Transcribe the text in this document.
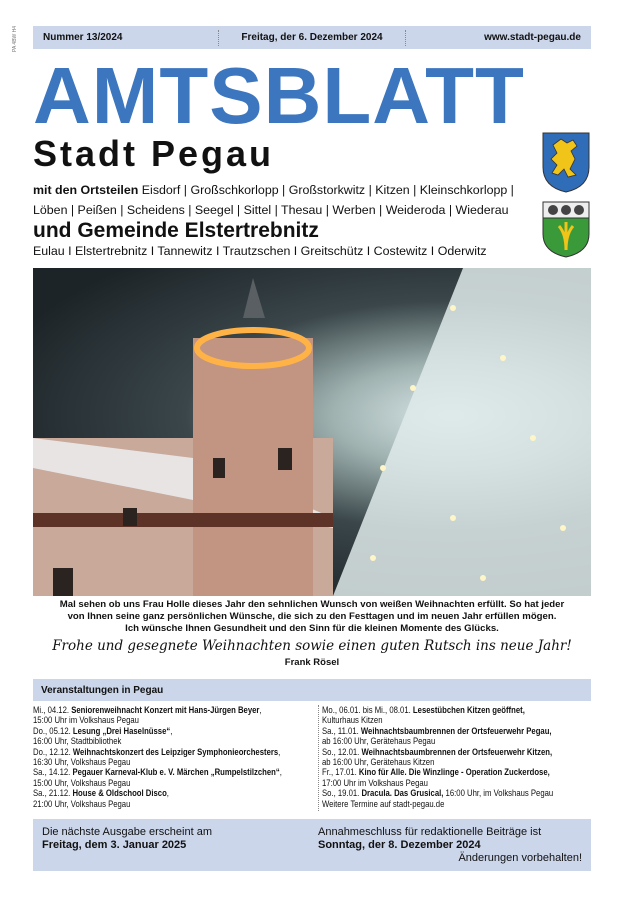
PA 4BW H4	Nummer 13/2024	Freitag, der 6. Dezember 2024	www.stadt-pegau.de
AMTSBLATT
Stadt Pegau
mit den Ortsteilen Eisdorf | Großschkorlopp | Großstorkwitz | Kitzen | Kleinschkorlopp |
Löben | Peißen | Scheidens | Seegel | Sittel | Thesau | Werben | Weideroda | Wiederau
und Gemeinde Elstertrebnitz
Eulau I Elstertrebnitz I Tannewitz I Trautzschen I Greitschütz I Costewitz I Oderwitz
Mal sehen ob uns Frau Holle dieses Jahr den sehnlichen Wunsch von weißen Weihnachten erfüllt. So hat jeder
von Ihnen seine ganz persönlichen Wünsche, die sich zu den Festtagen und im neuen Jahr erfüllen mögen.
Ich wünsche Ihnen Gesundheit und den Sinn für die kleinen Momente des Glücks.
Frohe und gesegnete Weihnachten sowie einen guten Rutsch ins neue Jahr!
Frank Rösel
Veranstaltungen in Pegau
Mi., 04.12. Seniorenweihnacht Konzert mit Hans-Jürgen Beyer,
15:00 Uhr im Volkshaus Pegau
Do., 05.12. Lesung „Drei Haselnüsse“,
16:00 Uhr, Stadtbibliothek
Do., 12.12. Weihnachtskonzert des Leipziger Symphonieorchesters,
16:30 Uhr, Volkshaus Pegau
Sa., 14.12. Pegauer Karneval-Klub e. V. Märchen „Rumpelstilzchen“,
15:00 Uhr, Volkshaus Pegau
Sa., 21.12. House & Oldschool Disco,
21:00 Uhr, Volkshaus Pegau
Mo., 06.01. bis Mi., 08.01. Lesestübchen Kitzen geöffnet,
Kulturhaus Kitzen
Sa., 11.01. Weihnachtsbaumbrennen der Ortsfeuerwehr Pegau,
ab 16:00 Uhr, Gerätehaus Pegau
So., 12.01. Weihnachtsbaumbrennen der Ortsfeuerwehr Kitzen,
ab 16:00 Uhr, Gerätehaus Kitzen
Fr., 17.01. Kino für Alle. Die Winzlinge - Operation Zuckerdose,
17:00 Uhr im Volkshaus Pegau
So., 19.01. Dracula. Das Grusical, 16:00 Uhr, im Volkshaus Pegau
Weitere Termine auf stadt-pegau.de
Die nächste Ausgabe erscheint am
Freitag, dem 3. Januar 2025
Annahmeschluss für redaktionelle Beiträge ist
Sonntag, der 8. Dezember 2024
Änderungen vorbehalten!
